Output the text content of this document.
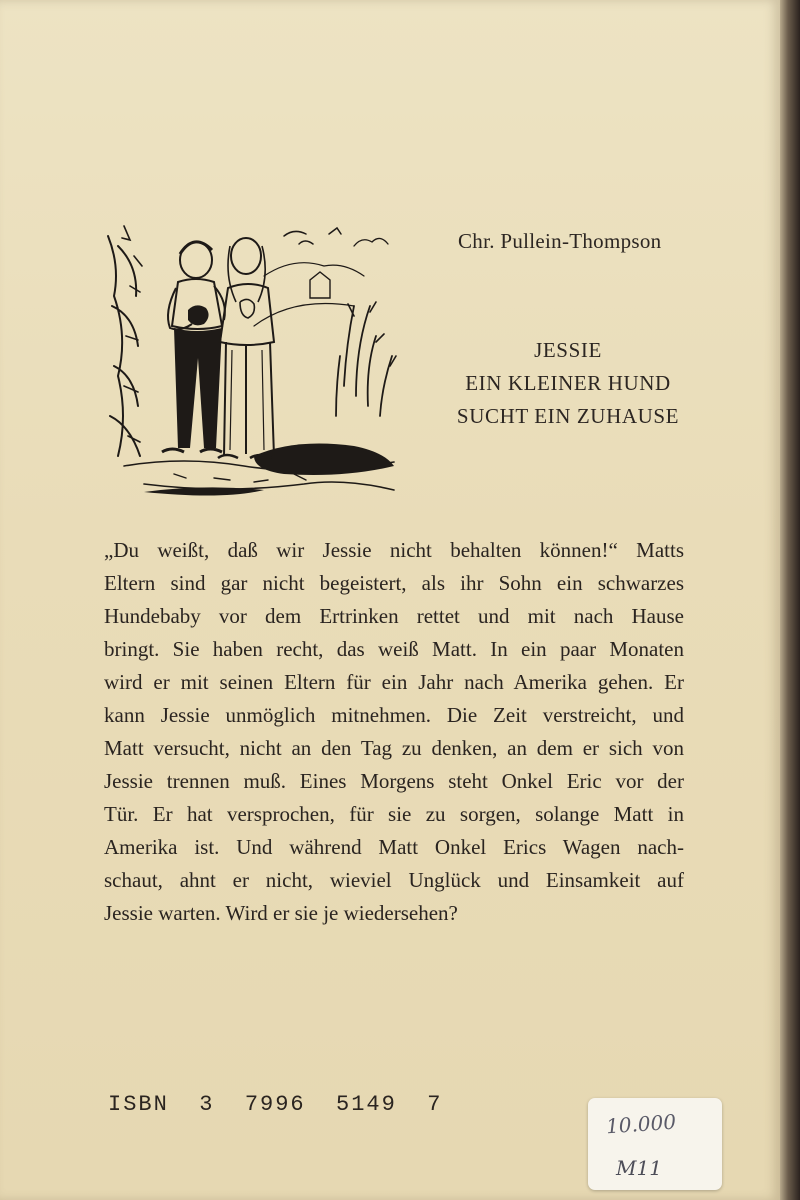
Chr. Pullein-Thompson
JESSIE
EIN KLEINER HUND
SUCHT EIN ZUHAUSE
„Du weißt, daß wir Jessie nicht behalten können!“ Matts
Eltern sind gar nicht begeistert, als ihr Sohn ein schwarzes
Hundebaby vor dem Ertrinken rettet und mit nach Hause
bringt. Sie haben recht, das weiß Matt. In ein paar Monaten
wird er mit seinen Eltern für ein Jahr nach Amerika gehen. Er
kann Jessie unmöglich mitnehmen. Die Zeit verstreicht, und
Matt versucht, nicht an den Tag zu denken, an dem er sich von
Jessie trennen muß. Eines Morgens steht Onkel Eric vor der
Tür. Er hat versprochen, für sie zu sorgen, solange Matt in
Amerika ist. Und während Matt Onkel Erics Wagen nach-
schaut, ahnt er nicht, wieviel Unglück und Einsamkeit auf
Jessie warten. Wird er sie je wiedersehen?
ISBN  3  7996  5149  7
10.000
M11
